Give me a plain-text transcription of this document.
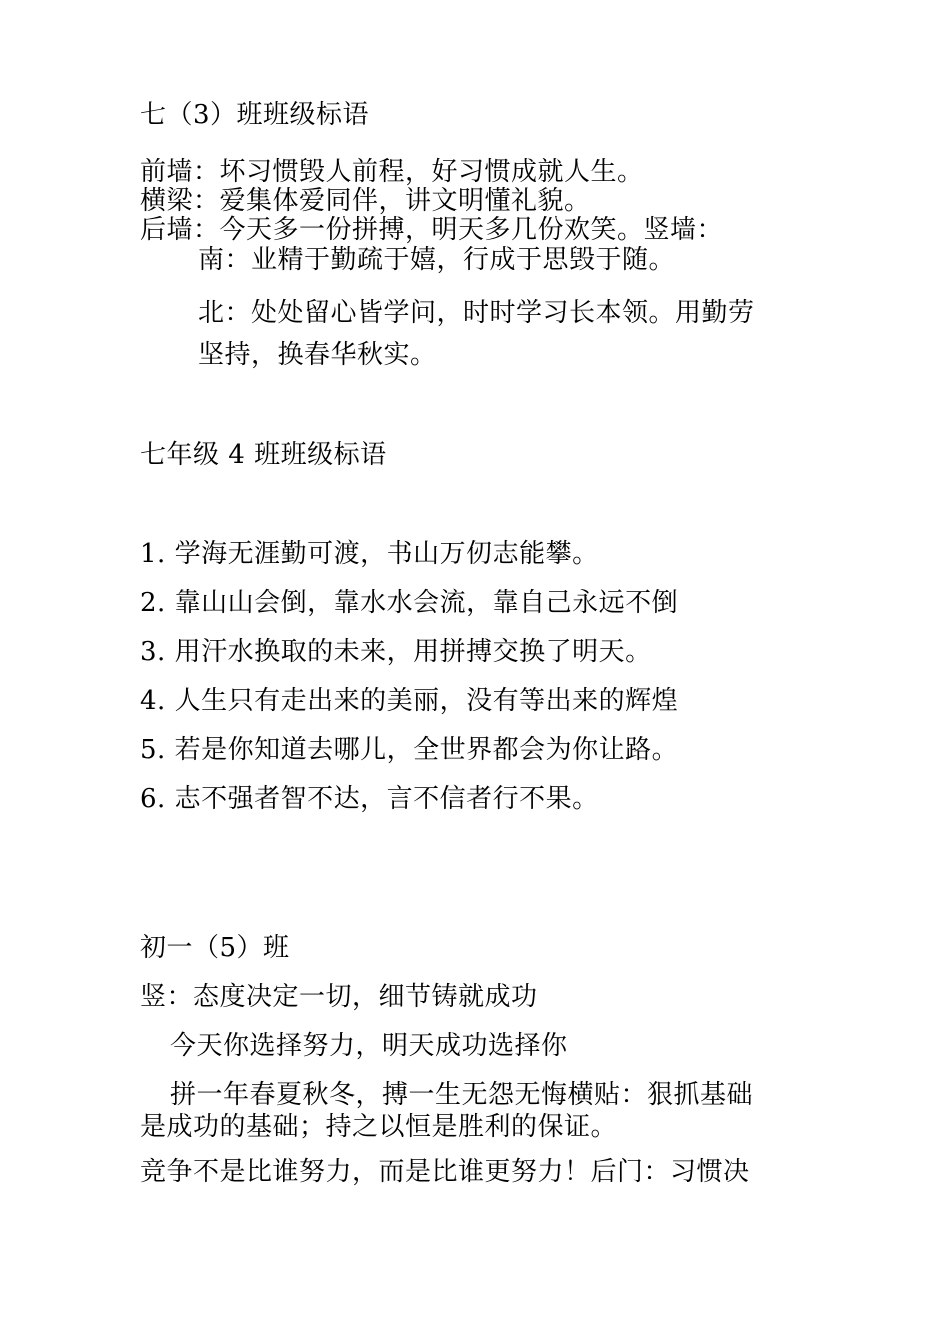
七（3）班班级标语
前墙：坏习惯毁人前程，好习惯成就人生。
横梁：爱集体爱同伴，讲文明懂礼貌。
后墙：今天多一份拼搏，明天多几份欢笑。竖墙：
南：业精于勤疏于嬉，行成于思毁于随。
北：处处留心皆学问，时时学习长本领。用勤劳
坚持，换春华秋实。
七年级 4 班班级标语
1. 学海无涯勤可渡，书山万仞志能攀。
2. 靠山山会倒，靠水水会流，靠自己永远不倒
3. 用汗水换取的未来，用拼搏交换了明天。
4. 人生只有走出来的美丽，没有等出来的辉煌
5. 若是你知道去哪儿，全世界都会为你让路。
6. 志不强者智不达，言不信者行不果。
初一（5）班
竖：态度决定一切，细节铸就成功
今天你选择努力，明天成功选择你
拼一年春夏秋冬，搏一生无怨无悔横贴：狠抓基础
是成功的基础；持之以恒是胜利的保证。
竞争不是比谁努力，而是比谁更努力！后门：习惯决
